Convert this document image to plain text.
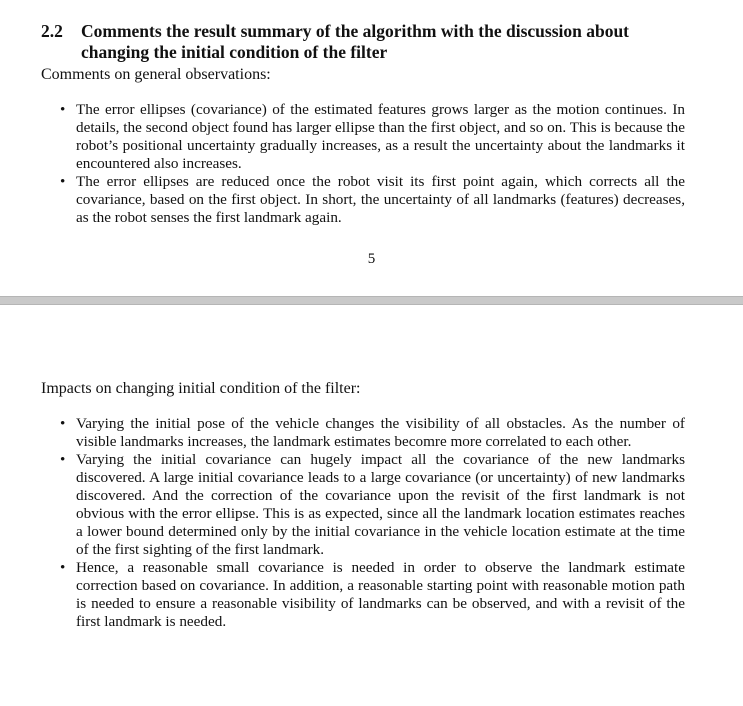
2.2	Comments the result summary of the algorithm with the discussion about changing the initial condition of the filter

Comments on general observations:

• The error ellipses (covariance) of the estimated features grows larger as the motion continues. In details, the second object found has larger ellipse than the first object, and so on. This is because the robot’s positional uncertainty gradually increases, as a result the uncertainty about the landmarks it encountered also increases.
• The error ellipses are reduced once the robot visit its first point again, which corrects all the covariance, based on the first object. In short, the uncertainty of all landmarks (features) decreases, as the robot senses the first landmark again.
5

Impacts on changing initial condition of the filter:

• Varying the initial pose of the vehicle changes the visibility of all obstacles. As the number of visible landmarks increases, the landmark estimates becomre more correlated to each other.
• Varying the initial covariance can hugely impact all the covariance of the new landmarks discovered. A large initial covariance leads to a large covariance (or uncertainty) of new landmarks discovered. And the correction of the covariance upon the revisit of the first landmark is not obvious with the error ellipse. This is as expected, since all the landmark location estimates reaches a lower bound determined only by the initial covariance in the vehicle location estimate at the time of the first sighting of the first landmark.
• Hence, a reasonable small covariance is needed in order to observe the landmark estimate correction based on covariance. In addition, a reasonable starting point with reasonable motion path is needed to ensure a reasonable visibility of landmarks can be observed, and with a revisit of the first landmark is needed.
